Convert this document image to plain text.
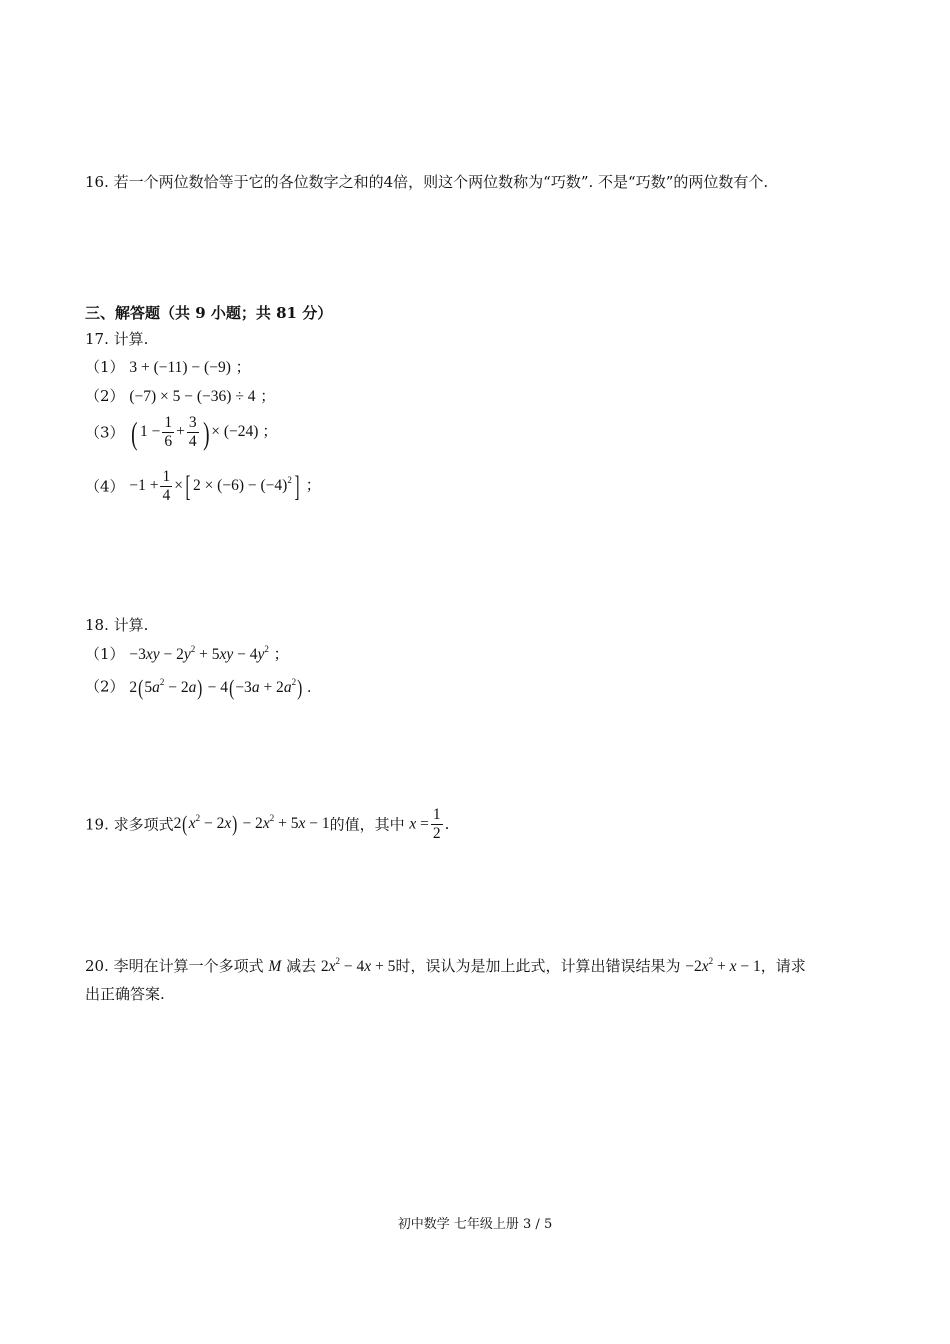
16. 若一个两位数恰等于它的各位数字之和的4倍，则这个两位数称为“巧数”. 不是“巧数”的两位数有个.
三、解答题（共 9 小题；共 81 分）
17. 计算.
（1） 3 + (−11) − (−9) ；
（2） (−7) × 5 − (−36) ÷ 4 ；
（3） ( $1 - \frac{1}{6} + \frac{3}{4}$ ) × (−24) ；
$(4) -1 + \frac{1}{4}$ ×[ $2 \times (-6) - (-4)^2$] ；
18. 计算.
$(1) -3xy - 2y^2 + 5xy - 4y^2$ ；
（2） $2(5a^2 - 2a) - 4(-3a + 2a^2)$ .
19. 求多项式$2(x^2 - 2x) - 2x^2 + 5x - 1$的值，其中 $x = \frac{1}{2}$ .
20. 李明在计算一个多项式 M 减去 $2x^2 - 4x + 5$时，误认为是加上此式，计算出错误结果为 $-2x^2 + x - 1$，请求
出正确答案.
初中数学 七年级上册 3 / 5
